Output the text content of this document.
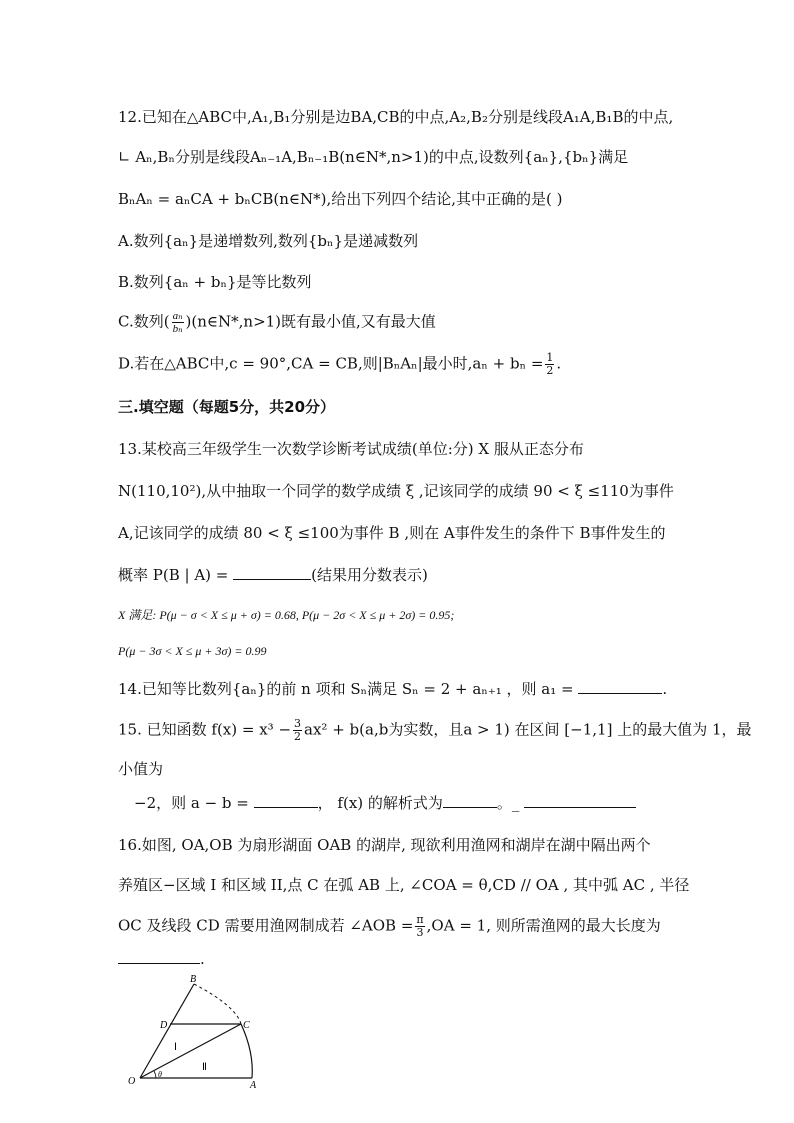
12.已知在△ABC中,A₁,B₁分别是边BA,CB的中点,A₂,B₂分别是线段A₁A,B₁B的中点,
∟ Aₙ,Bₙ分别是线段Aₙ₋₁A,Bₙ₋₁B(n∈N*,n>1)的中点,设数列{aₙ},{bₙ}满足
BₙAₙ = aₙCA + bₙCB(n∈N*),给出下列四个结论,其中正确的是( )
A.数列{aₙ}是递增数列,数列{bₙ}是递减数列
B.数列{aₙ + bₙ}是等比数列
C.数列( $\frac{\text{aₙ}}{\text{bₙ}}$ )(n∈N*,n>1)既有最小值,又有最大值
D.若在△ABC中,c = 90°,CA = CB,则|BₙAₙ|最小时$,a_n + b_n = \frac{1}{2}$ .
三.填空题（每题5分，共20分）
13.某校高三年级学生一次数学诊断考试成绩(单位:分) X 服从正态分布
N(110,10²),从中抽取一个同学的数学成绩 ξ ,记该同学的成绩 90 < ξ ≤110为事件
A,记该同学的成绩 80 < ξ ≤100为事件 B ,则在 A事件发生的条件下 B事件发生的
概率 P(B | A) =	(结果用分数表示)
X 满足: P(μ − σ < X ≤ μ + σ) = 0.68, P(μ − 2σ < X ≤ μ + 2σ) = 0.95;
P(μ − 3σ < X ≤ μ + 3σ) = 0.99
14.已知等比数列{aₙ}的前 n 项和 Sₙ满足 Sₙ = 2 + aₙ₊₁ ，则 a₁ =	.
15. 已知函数 $f(x) = x^3 - \frac{3}{2} ax^2 + b(a,b$为实数，且a > 1) 在区间 [−1,1] 上的最大值为 1，最
小值为
−2，则 a − b =	， f(x) 的解析式为	。_
16.如图, OA,OB 为扇形湖面 OAB 的湖岸, 现欲利用渔网和湖岸在湖中隔出两个
养殖区−区域 I 和区域 II,点 C 在弧 AB 上, ∠COA = θ,CD // OA , 其中弧 AC , 半径
OC 及线段 CD 需要用渔网制成若 ∠AOB = $\frac{\pi}{3} ,OA = 1$, 则所需渔网的最大长度为
.
B
D	C
O	A
Ⅰ
Ⅱ
θ
